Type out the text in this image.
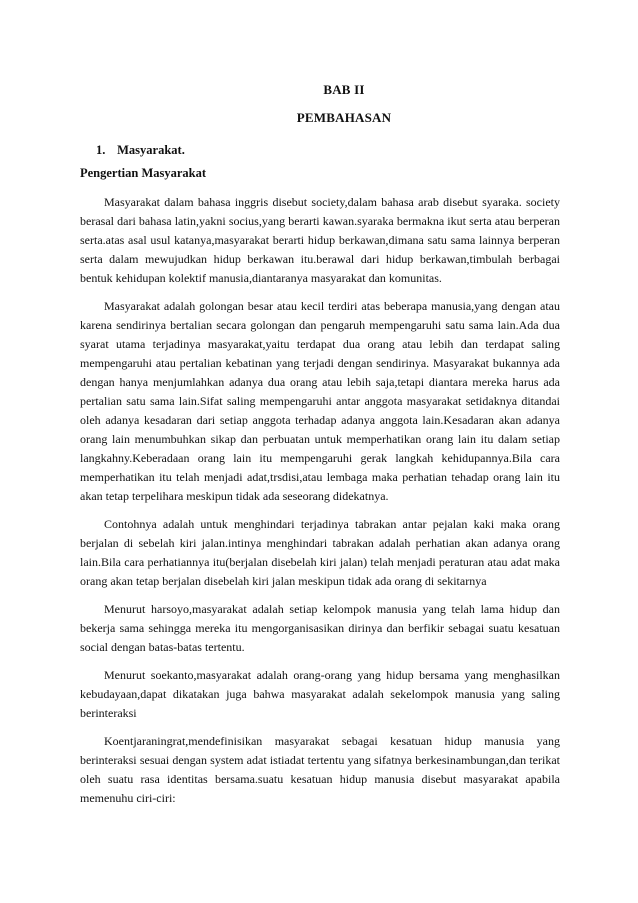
BAB II
PEMBAHASAN
1. Masyarakat.
Pengertian Masyarakat

Masyarakat dalam bahasa inggris disebut society,dalam bahasa arab disebut syaraka. society berasal dari bahasa latin,yakni socius,yang berarti kawan.syaraka bermakna ikut serta atau berperan serta.atas asal usul katanya,masyarakat berarti hidup berkawan,dimana satu sama lainnya berperan serta dalam mewujudkan hidup berkawan itu.berawal dari hidup berkawan,timbulah berbagai bentuk kehidupan kolektif manusia,diantaranya masyarakat dan komunitas.

Masyarakat adalah golongan besar atau kecil terdiri atas beberapa manusia,yang dengan atau karena sendirinya bertalian secara golongan dan pengaruh mempengaruhi satu sama lain.Ada dua syarat utama terjadinya masyarakat,yaitu terdapat dua orang atau lebih dan terdapat saling mempengaruhi atau pertalian kebatinan yang terjadi dengan sendirinya. Masyarakat bukannya ada dengan hanya menjumlahkan adanya dua orang atau lebih saja,tetapi diantara mereka harus ada pertalian satu sama lain.Sifat saling mempengaruhi antar anggota masyarakat setidaknya ditandai oleh adanya kesadaran dari setiap anggota terhadap adanya anggota lain.Kesadaran akan adanya orang lain menumbuhkan sikap dan perbuatan untuk memperhatikan orang lain itu dalam setiap langkahny.Keberadaan orang lain itu mempengaruhi gerak langkah kehidupannya.Bila cara memperhatikan itu telah menjadi adat,trsdisi,atau lembaga maka perhatian tehadap orang lain itu akan tetap terpelihara meskipun tidak ada seseorang didekatnya.

Contohnya adalah untuk menghindari terjadinya tabrakan antar pejalan kaki maka orang berjalan di sebelah kiri jalan.intinya menghindari tabrakan adalah perhatian akan adanya orang lain.Bila cara perhatiannya itu(berjalan disebelah kiri jalan) telah menjadi peraturan atau adat maka orang akan tetap berjalan disebelah kiri jalan meskipun tidak ada orang di sekitarnya

Menurut harsoyo,masyarakat adalah setiap kelompok manusia yang telah lama hidup dan bekerja sama sehingga mereka itu mengorganisasikan dirinya dan berfikir sebagai suatu kesatuan social dengan batas-batas tertentu.

Menurut soekanto,masyarakat adalah orang-orang yang hidup bersama yang menghasilkan kebudayaan,dapat dikatakan juga bahwa masyarakat adalah sekelompok manusia yang saling berinteraksi

Koentjaraningrat,mendefinisikan masyarakat sebagai kesatuan hidup manusia yang berinteraksi sesuai dengan system adat istiadat tertentu yang sifatnya berkesinambungan,dan terikat oleh suatu rasa identitas bersama.suatu kesatuan hidup manusia disebut masyarakat apabila memenuhu ciri-ciri:
